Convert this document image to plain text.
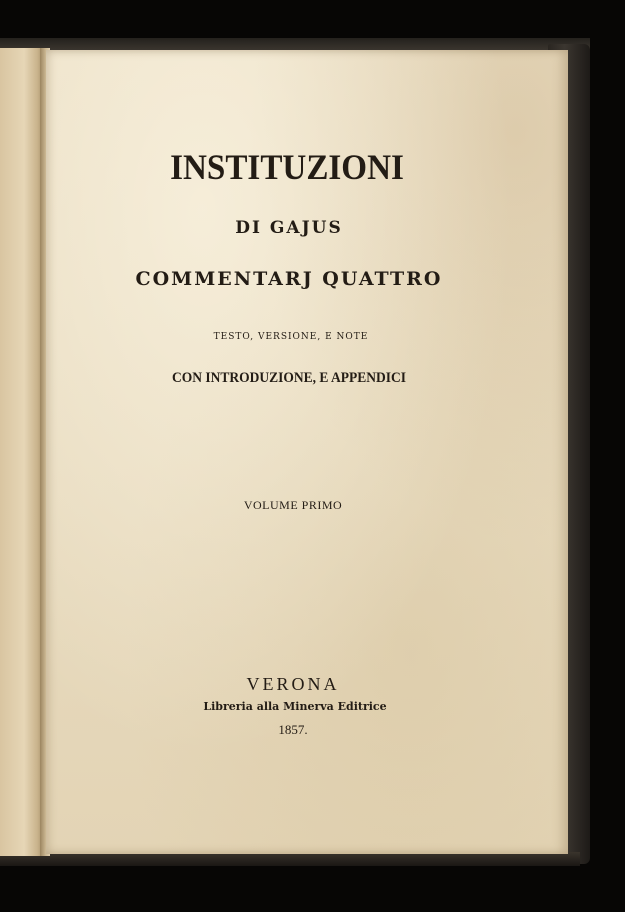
INSTITUZIONI
DI GAJUS
COMMENTARJ QUATTRO
TESTO, VERSIONE, E NOTE
CON INTRODUZIONE, E APPENDICI
VOLUME PRIMO
VERONA
Libreria alla Minerva Editrice
1857.
